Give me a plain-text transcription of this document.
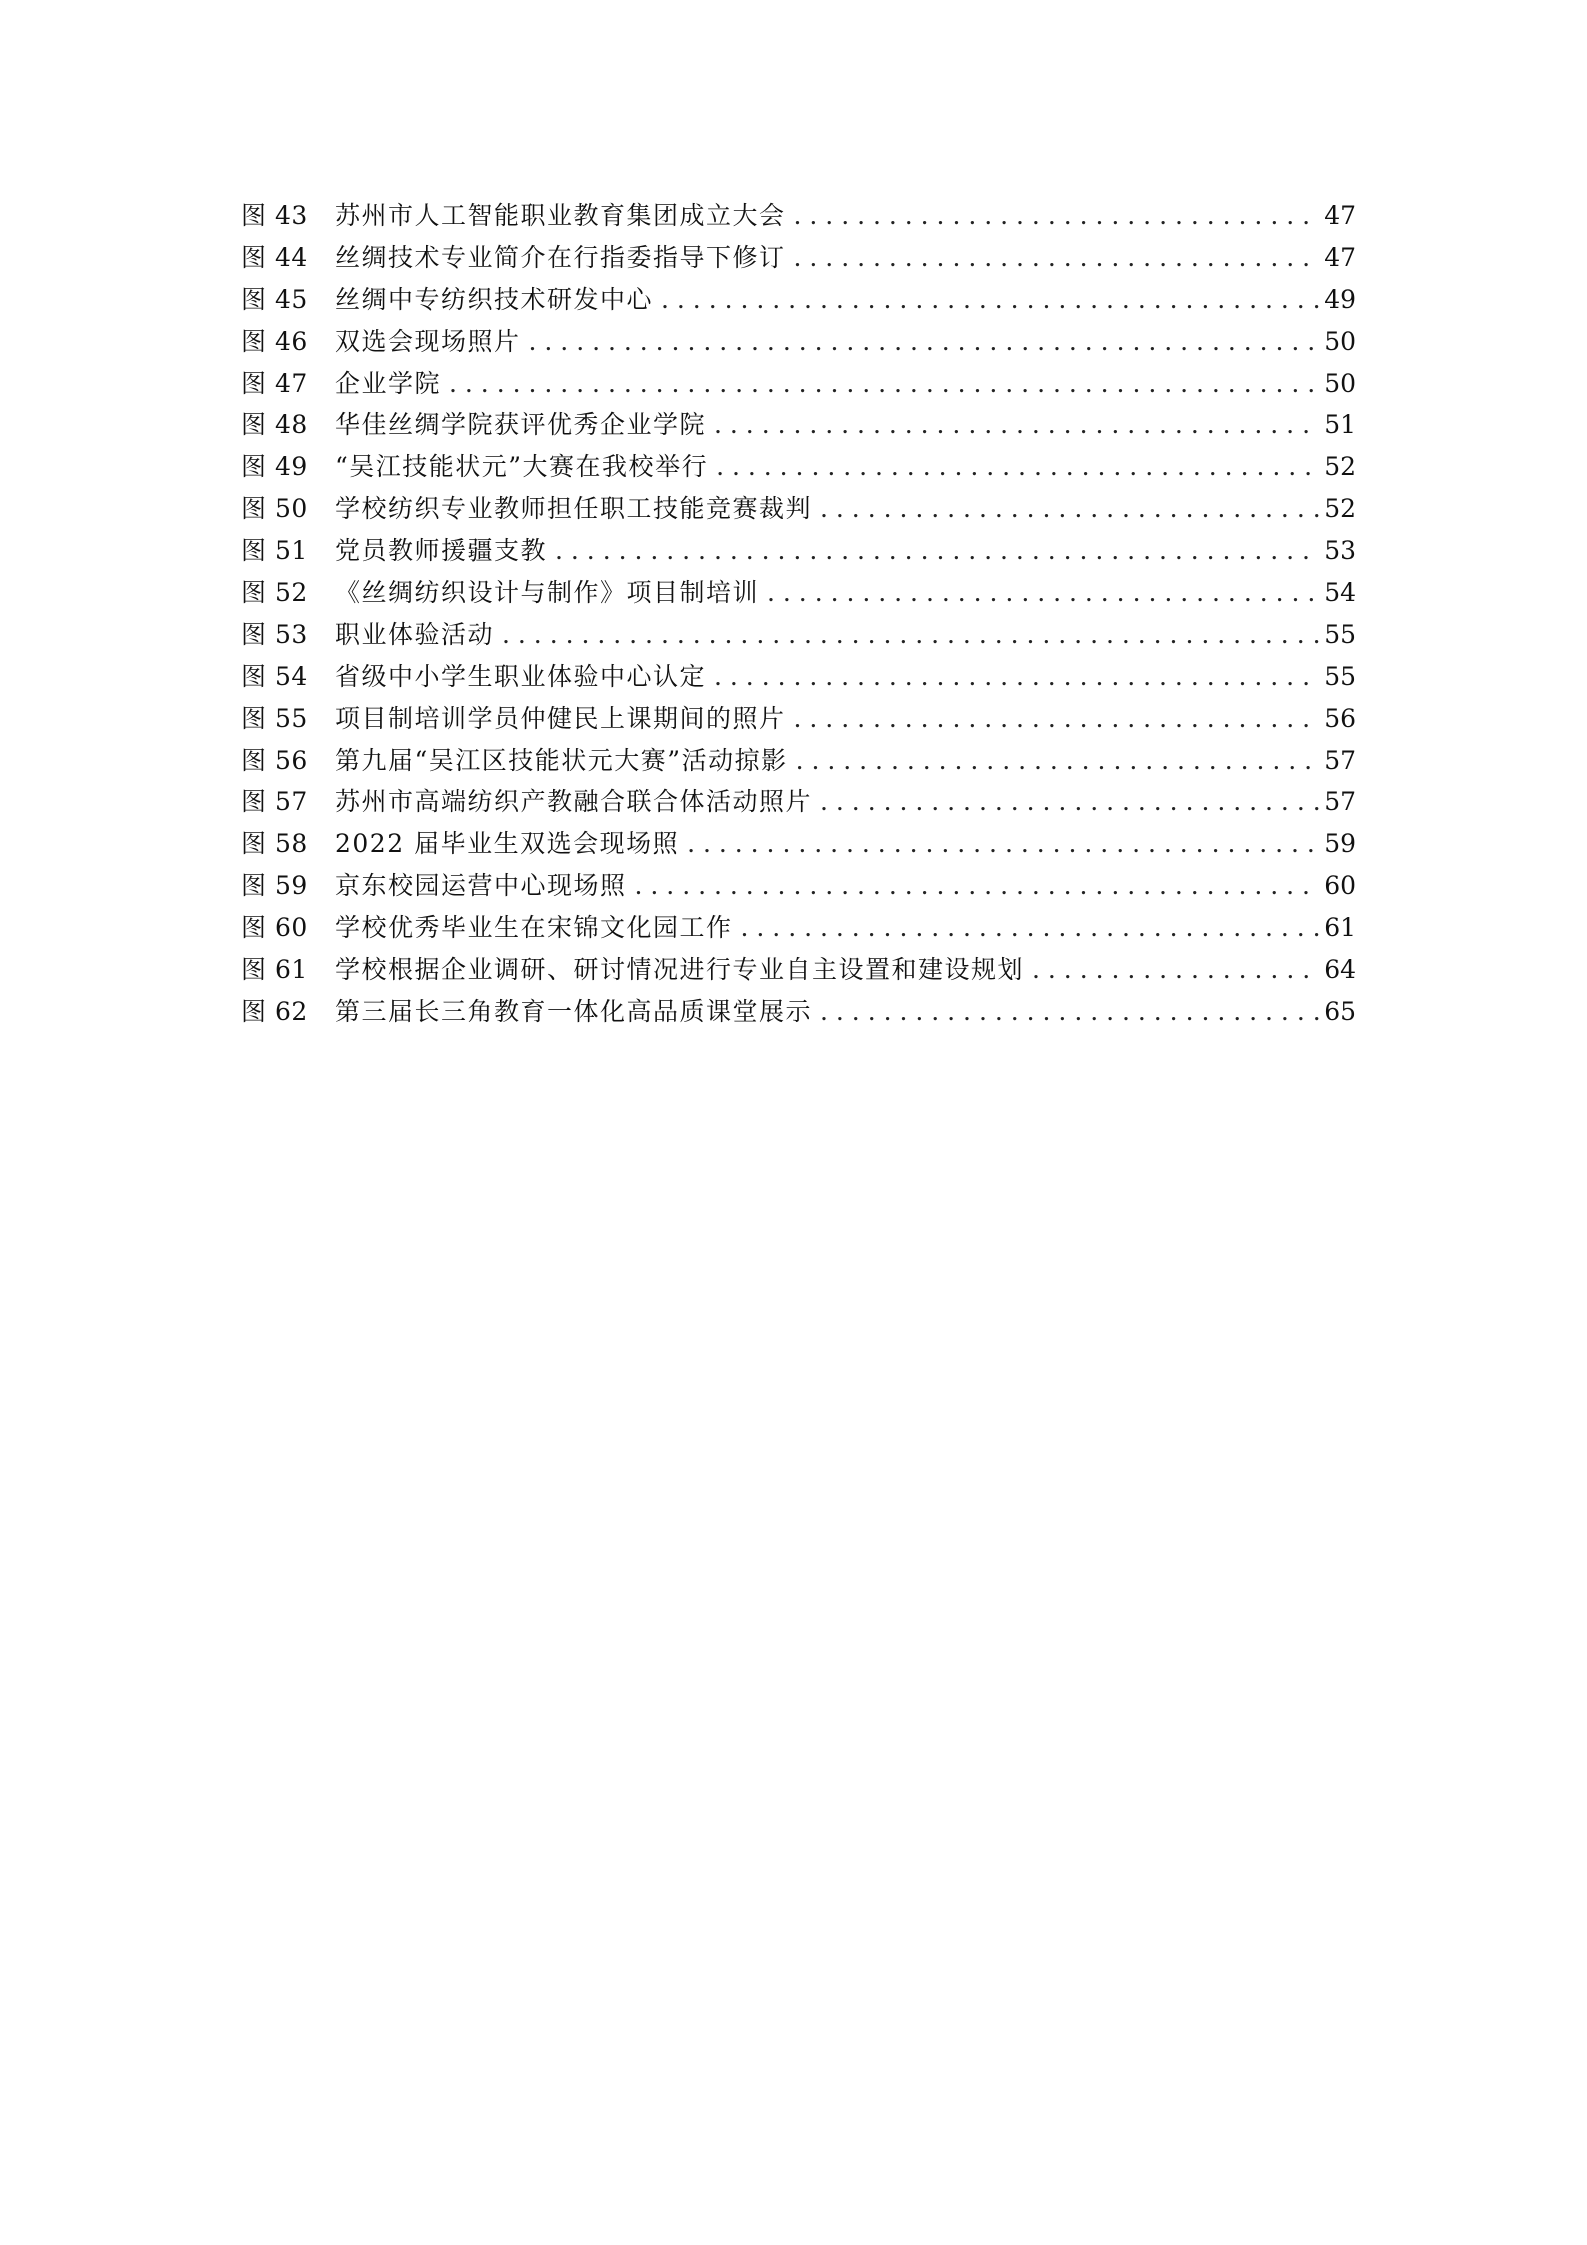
图 43	苏州市人工智能职业教育集团成立大会 . . .	47
图 44	丝绸技术专业简介在行指委指导下修订 . . .	47
图 45	丝绸中专纺织技术研发中心 . . .	49
图 46	双选会现场照片 . . .	50
图 47	企业学院 . . .	50
图 48	华佳丝绸学院获评优秀企业学院 . . .	51
图 49	“吴江技能状元”大赛在我校举行 . . .	52
图 50	学校纺织专业教师担任职工技能竞赛裁判 . . .	52
图 51	党员教师援疆支教 . . .	53
图 52	《丝绸纺织设计与制作》项目制培训 . . .	54
图 53	职业体验活动 . . .	55
图 54	省级中小学生职业体验中心认定 . . .	55
图 55	项目制培训学员仲健民上课期间的照片 . . .	56
图 56	第九届“吴江区技能状元大赛”活动掠影 . . .	57
图 57	苏州市高端纺织产教融合联合体活动照片 . . .	57
图 58	2022 届毕业生双选会现场照 . . .	59
图 59	京东校园运营中心现场照 . . .	60
图 60	学校优秀毕业生在宋锦文化园工作 . . .	61
图 61	学校根据企业调研、研讨情况进行专业自主设置和建设规划 . . .	64
图 62	第三届长三角教育一体化高品质课堂展示 . . .	65
